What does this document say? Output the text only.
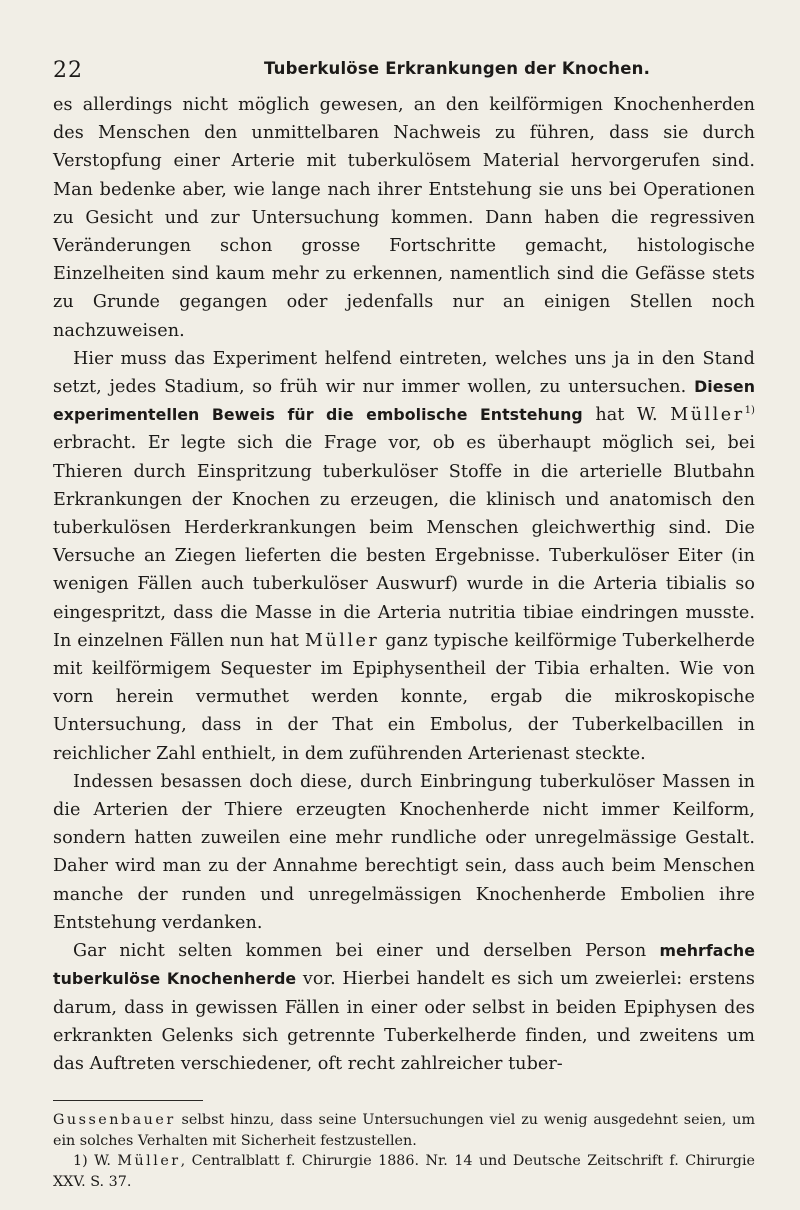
22	Tuberkulöse Erkrankungen der Knochen.

es allerdings nicht möglich gewesen, an den keilförmigen Knochenherden des Menschen den unmittelbaren Nachweis zu führen, dass sie durch Verstopfung einer Arterie mit tuberkulösem Material hervorgerufen sind. Man bedenke aber, wie lange nach ihrer Entstehung sie uns bei Operationen zu Gesicht und zur Untersuchung kommen. Dann haben die regressiven Veränderungen schon grosse Fortschritte gemacht, histologische Einzelheiten sind kaum mehr zu erkennen, namentlich sind die Gefässe stets zu Grunde gegangen oder jedenfalls nur an einigen Stellen noch nachzuweisen.

Hier muss das Experiment helfend eintreten, welches uns ja in den Stand setzt, jedes Stadium, so früh wir nur immer wollen, zu untersuchen. Diesen experimentellen Beweis für die embolische Entstehung hat W. Müller$^{1)}$ erbracht. Er legte sich die Frage vor, ob es überhaupt möglich sei, bei Thieren durch Einspritzung tuberkulöser Stoffe in die arterielle Blutbahn Erkrankungen der Knochen zu erzeugen, die klinisch und anatomisch den tuberkulösen Herderkrankungen beim Menschen gleichwerthig sind. Die Versuche an Ziegen lieferten die besten Ergebnisse. Tuberkulöser Eiter (in wenigen Fällen auch tuberkulöser Auswurf) wurde in die Arteria tibialis so eingespritzt, dass die Masse in die Arteria nutritia tibiae eindringen musste. In einzelnen Fällen nun hat Müller ganz typische keilförmige Tuberkelherde mit keilförmigem Sequester im Epiphysentheil der Tibia erhalten. Wie von vorn herein vermuthet werden konnte, ergab die mikroskopische Untersuchung, dass in der That ein Embolus, der Tuberkelbacillen in reichlicher Zahl enthielt, in dem zuführenden Arterienast steckte.

Indessen besassen doch diese, durch Einbringung tuberkulöser Massen in die Arterien der Thiere erzeugten Knochenherde nicht immer Keilform, sondern hatten zuweilen eine mehr rundliche oder unregelmässige Gestalt. Daher wird man zu der Annahme berechtigt sein, dass auch beim Menschen manche der runden und unregelmässigen Knochenherde Embolien ihre Entstehung verdanken.

Gar nicht selten kommen bei einer und derselben Person mehrfache tuberkulöse Knochenherde vor. Hierbei handelt es sich um zweierlei: erstens darum, dass in gewissen Fällen in einer oder selbst in beiden Epiphysen des erkrankten Gelenks sich getrennte Tuberkelherde finden, und zweitens um das Auftreten verschiedener, oft recht zahlreicher tuber-

Gussenbauer selbst hinzu, dass seine Untersuchungen viel zu wenig ausgedehnt seien, um ein solches Verhalten mit Sicherheit festzustellen.

1) W. Müller, Centralblatt f. Chirurgie 1886. Nr. 14 und Deutsche Zeitschrift f. Chirurgie XXV. S. 37.
